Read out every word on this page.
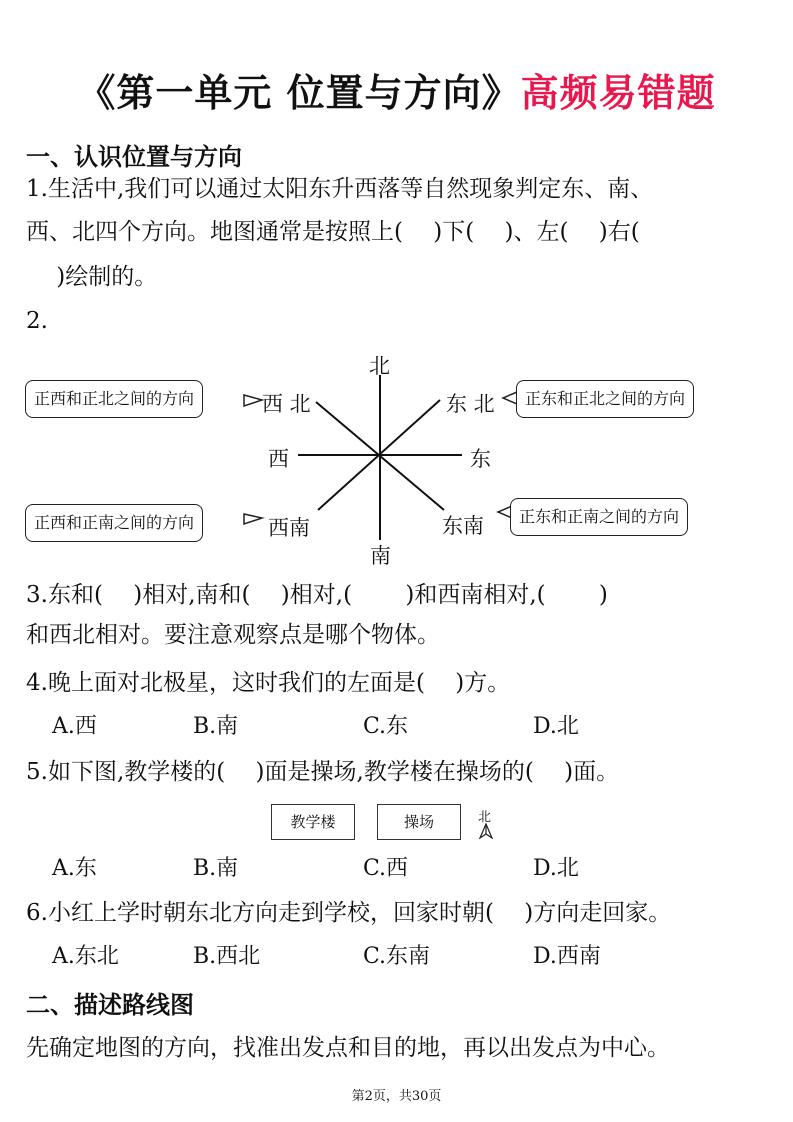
《第一单元 位置与方向》高频易错题
一、认识位置与方向
1.生活中,我们可以通过太阳东升西落等自然现象判定东、南、
西、北四个方向。地图通常是按照上(　 )下(　 )、左(　 )右(
　 )绘制的。
2.
北
南
西	东
西 北	东 北
西南	东南
正西和正北之间的方向	正东和正北之间的方向
正西和正南之间的方向	正东和正南之间的方向
3.东和(　 )相对,南和(　 )相对,(　　 )和西南相对,(　　 )
和西北相对。要注意观察点是哪个物体。
4.晚上面对北极星，这时我们的左面是(　 )方。
A.西	B.南	C.东	D.北
5.如下图,教学楼的(　 )面是操场,教学楼在操场的(　 )面。
教学楼	操场	北
A.东	B.南	C.西	D.北
6.小红上学时朝东北方向走到学校，回家时朝(　 )方向走回家。
A.东北	B.西北	C.东南	D.西南
二、描述路线图
先确定地图的方向，找准出发点和目的地，再以出发点为中心。
第2页，共30页
